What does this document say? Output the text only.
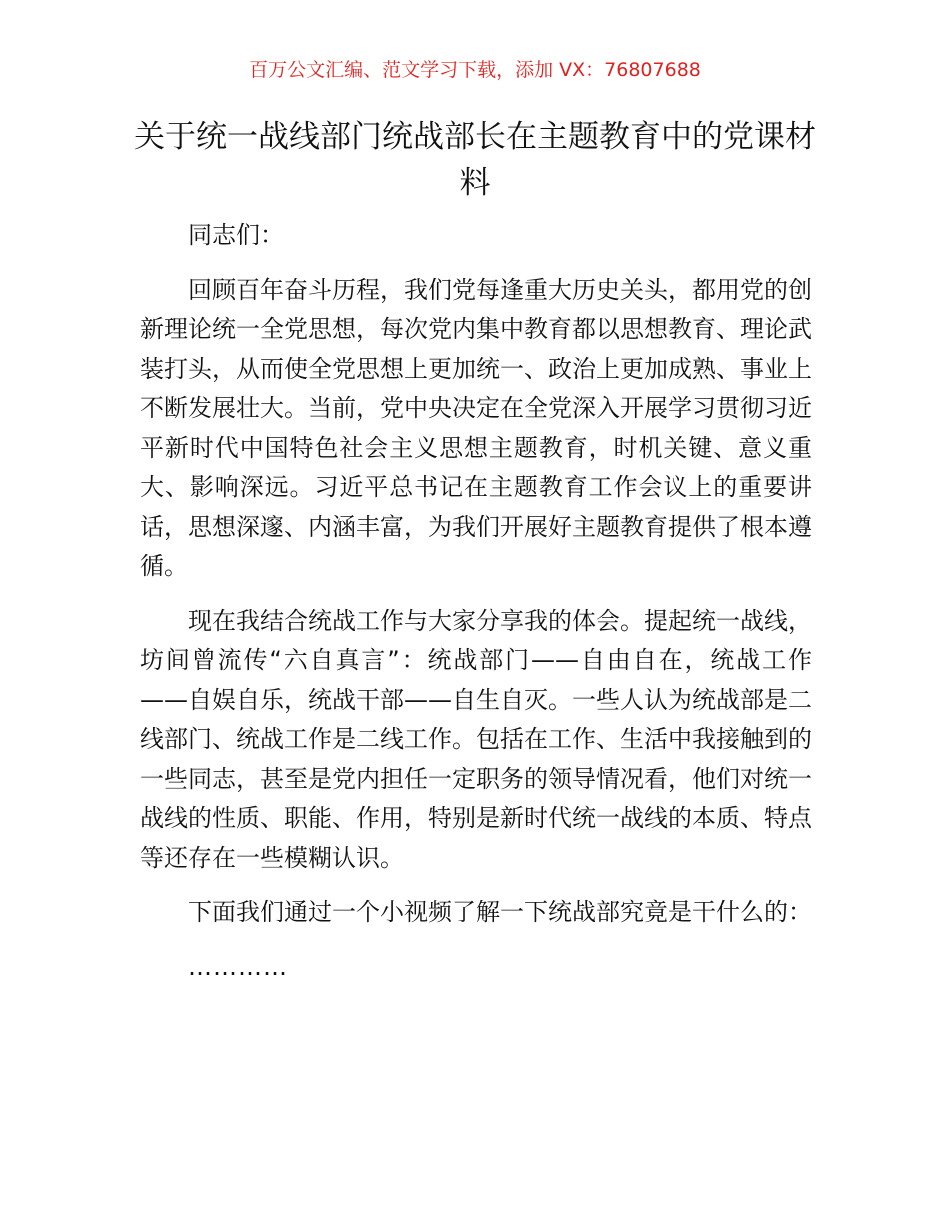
百万公文汇编、范文学习下载，添加 VX：76807688
关于统一战线部门统战部长在主题教育中的党课材料

同志们：

回顾百年奋斗历程，我们党每逢重大历史关头，都用党的创新理论统一全党思想，每次党内集中教育都以思想教育、理论武装打头，从而使全党思想上更加统一、政治上更加成熟、事业上不断发展壮大。当前，党中央决定在全党深入开展学习贯彻习近平新时代中国特色社会主义思想主题教育，时机关键、意义重大、影响深远。习近平总书记在主题教育工作会议上的重要讲话，思想深邃、内涵丰富，为我们开展好主题教育提供了根本遵循。

现在我结合统战工作与大家分享我的体会。提起统一战线，坊间曾流传“六自真言”：统战部门——自由自在，统战工作——自娱自乐，统战干部——自生自灭。一些人认为统战部是二线部门、统战工作是二线工作。包括在工作、生活中我接触到的一些同志，甚至是党内担任一定职务的领导情况看，他们对统一战线的性质、职能、作用，特别是新时代统一战线的本质、特点等还存在一些模糊认识。

下面我们通过一个小视频了解一下统战部究竟是干什么的：

…………
